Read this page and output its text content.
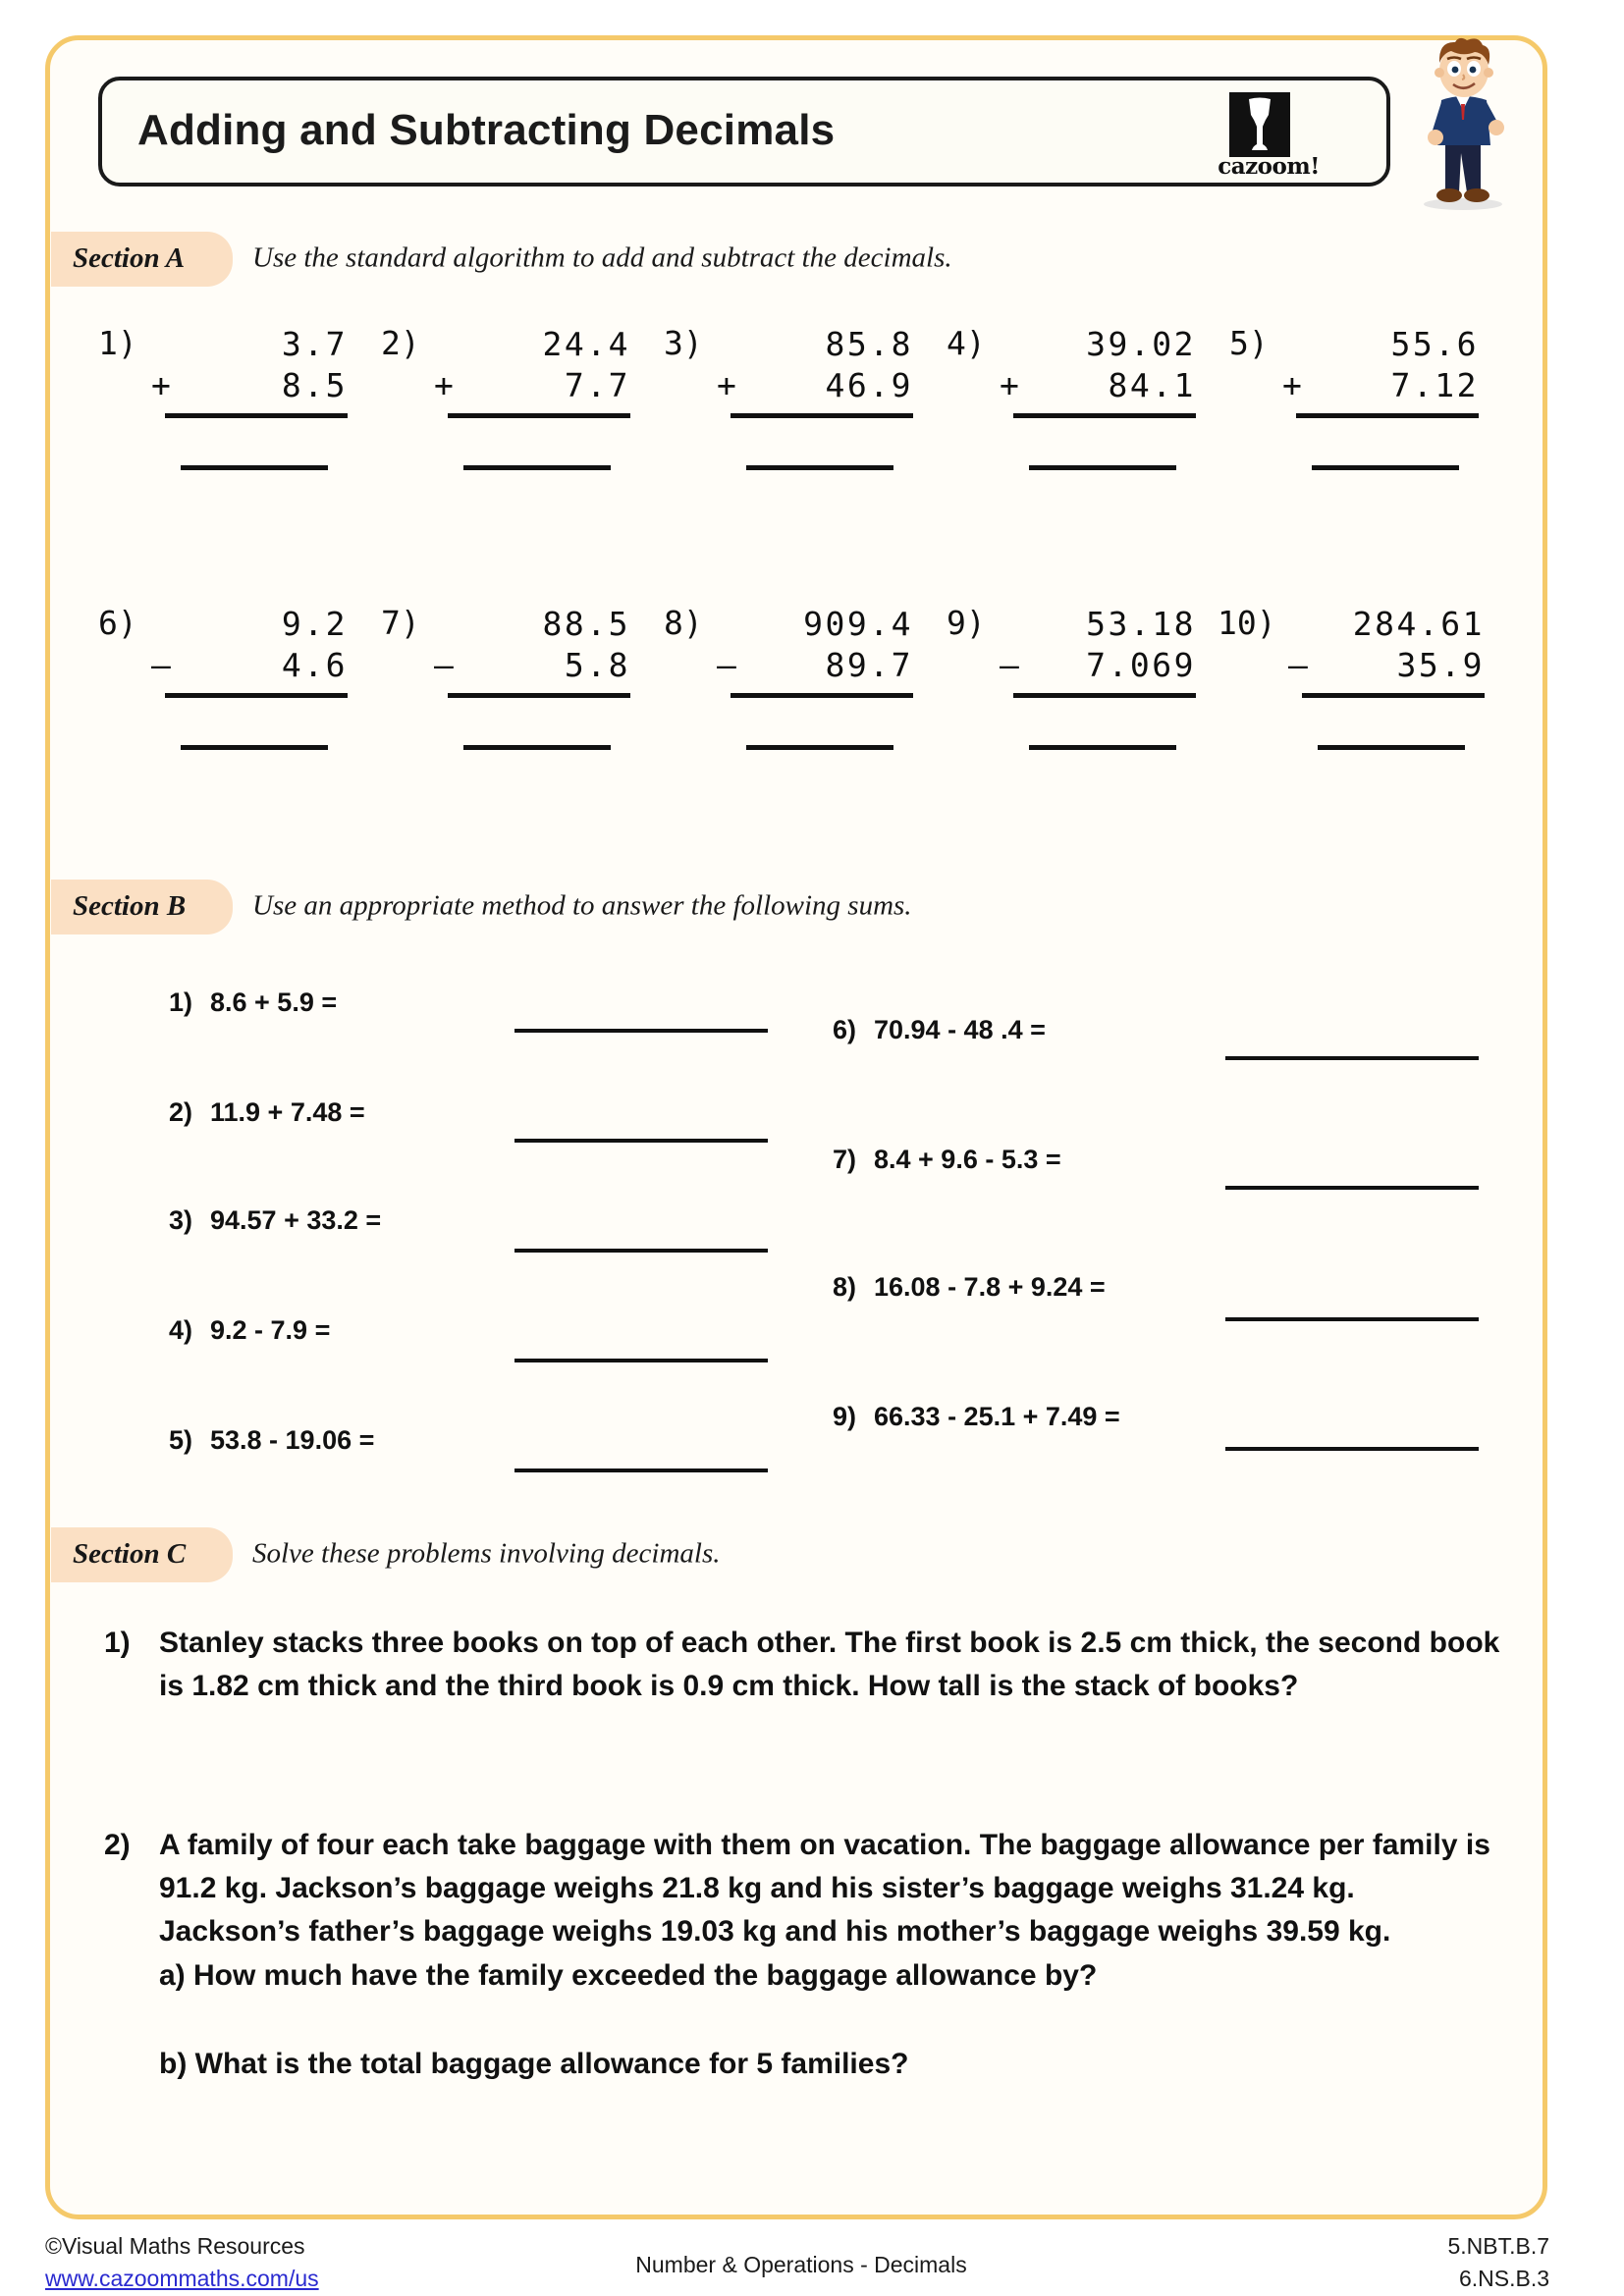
Adding and Subtracting Decimals
cazoom!
Section A Use the standard algorithm to add and subtract the decimals.
1)	3.7
+	8.5
2)	24.4
+	7.7
3)	85.8
+	46.9
4)	39.02
+	84.1
5)	55.6
+	7.12
6)	9.2
–	4.6
7)	88.5
–	5.8
8)	909.4
–	89.7
9)	53.18
– 7.069
10)	284.61
–	35.9
Section B Use an appropriate method to answer the following sums.
1) 8.6 + 5.9 =
2) 11.9 + 7.48 =
3) 94.57 + 33.2 =
4) 9.2 - 7.9 =
5) 53.8 - 19.06 =
6) 70.94 - 48 .4 =
7) 8.4 + 9.6 - 5.3 =
8) 16.08 - 7.8 + 9.24 =
9) 66.33 - 25.1 + 7.49 =
Section C Solve these problems involving decimals.
1) Stanley stacks three books on top of each other. The first book is 2.5 cm thick, the second book is 1.82 cm thick and the third book is 0.9 cm thick. How tall is the stack of books?
2) A family of four each take baggage with them on vacation. The baggage allowance per family is 91.2 kg. Jackson’s baggage weighs 21.8 kg and his sister’s baggage weighs 31.24 kg. Jackson’s father’s baggage weighs 19.03 kg and his mother’s baggage weighs 39.59 kg.
a) How much have the family exceeded the baggage allowance by?
b) What is the total baggage allowance for 5 families?
©Visual Maths Resources
www.cazoommaths.com/us
Number & Operations - Decimals
5.NBT.B.7
6.NS.B.3
